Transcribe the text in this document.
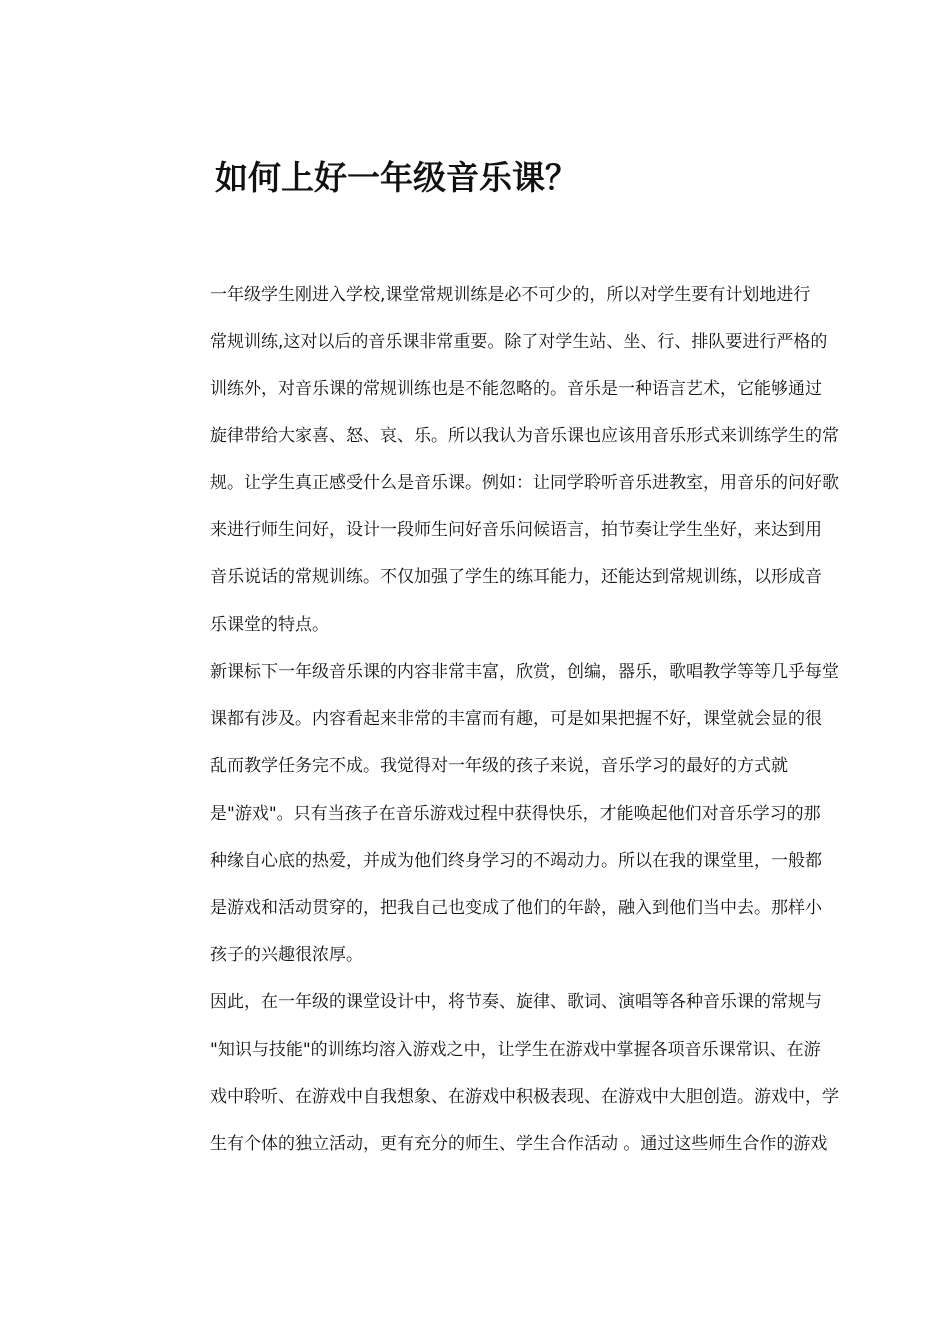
如何上好一年级音乐课？

一年级学生刚进入学校,课堂常规训练是必不可少的，所以对学生要有计划地进行

常规训练,这对以后的音乐课非常重要。除了对学生站、坐、行、排队要进行严格的

训练外，对音乐课的常规训练也是不能忽略的。音乐是一种语言艺术，它能够通过

旋律带给大家喜、怒、哀、乐。所以我认为音乐课也应该用音乐形式来训练学生的常

规。让学生真正感受什么是音乐课。例如：让同学聆听音乐进教室，用音乐的问好歌

来进行师生问好，设计一段师生问好音乐问候语言，拍节奏让学生坐好，来达到用

音乐说话的常规训练。不仅加强了学生的练耳能力，还能达到常规训练，以形成音

乐课堂的特点。

新课标下一年级音乐课的内容非常丰富，欣赏，创编，器乐，歌唱教学等等几乎每堂

课都有涉及。内容看起来非常的丰富而有趣，可是如果把握不好，课堂就会显的很

乱而教学任务完不成。我觉得对一年级的孩子来说，音乐学习的最好的方式就

是"游戏"。只有当孩子在音乐游戏过程中获得快乐，才能唤起他们对音乐学习的那

种缘自心底的热爱，并成为他们终身学习的不竭动力。所以在我的课堂里，一般都

是游戏和活动贯穿的，把我自己也变成了他们的年龄，融入到他们当中去。那样小

孩子的兴趣很浓厚。

因此，在一年级的课堂设计中，将节奏、旋律、歌词、演唱等各种音乐课的常规与

"知识与技能"的训练均溶入游戏之中，让学生在游戏中掌握各项音乐课常识、在游

戏中聆听、在游戏中自我想象、在游戏中积极表现、在游戏中大胆创造。游戏中，学

生有个体的独立活动，更有充分的师生、学生合作活动 。通过这些师生合作的游戏
